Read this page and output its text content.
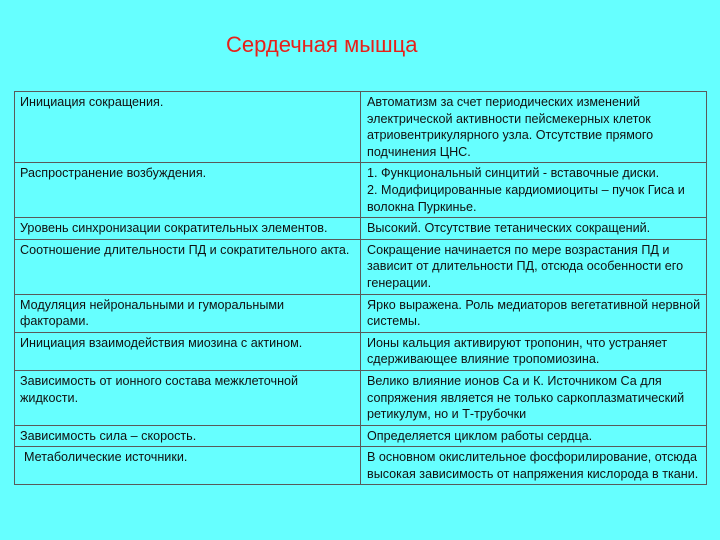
Сердечная мышца
Инициация сокращения.	Автоматизм за счет периодических изменений электрической активности пейсмекерных клеток атриовентрикулярного узла. Отсутствие прямого подчинения ЦНС.
Распространение возбуждения.	1. Функциональный синцитий - вставочные диски.
2. Модифицированные кардиомиоциты – пучок Гиса и волокна Пуркинье.

Уровень синхронизации сократительных элементов.	Высокий. Отсутствие тетанических сокращений.
Соотношение длительности ПД и сократительного акта.	Сокращение начинается по мере возрастания ПД и зависит от длительности ПД, отсюда особенности его генерации.
Модуляция нейрональными и гуморальными факторами.	Ярко выражена. Роль медиаторов вегетативной нервной системы.
Инициация взаимодействия миозина с актином.	Ионы кальция активируют тропонин, что устраняет сдерживающее влияние тропомиозина.
Зависимость от ионного состава межклеточной жидкости.	Велико влияние ионов Са и К. Источником Са для сопряжения является не только саркоплазматический ретикулум, но и Т-трубочки
Зависимость сила – скорость.	Определяется циклом работы сердца.
Метаболические источники.	В основном окислительное фосфорилирование, отсюда высокая зависимость от напряжения кислорода в ткани.
